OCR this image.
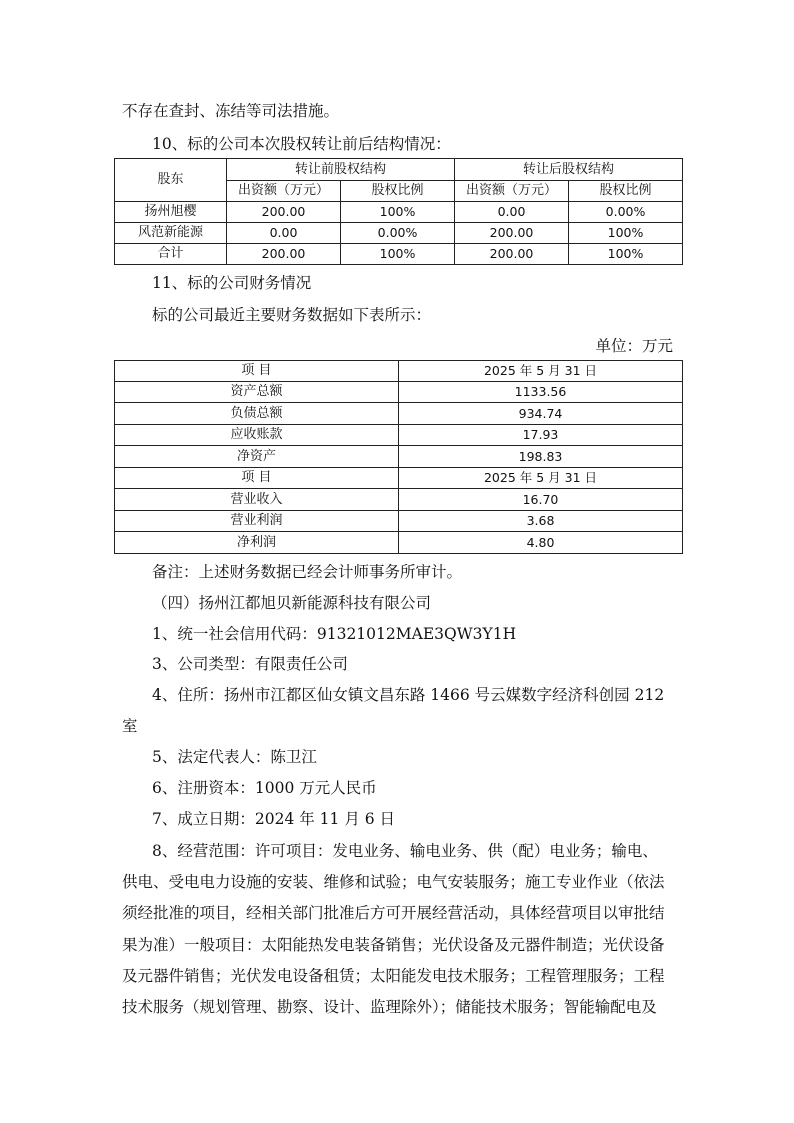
不存在查封、冻结等司法措施。
10、标的公司本次股权转让前后结构情况：
股东	转让前股权结构		转让后股权结构	
	出资额（万元）	股权比例	出资额（万元）	股权比例
扬州旭樱	200.00	100%	0.00	0.00%
风范新能源	0.00	0.00%	200.00	100%
合计	200.00	100%	200.00	100%
11、标的公司财务情况
标的公司最近主要财务数据如下表所示：
单位：万元
项 目	2025 年 5 月 31 日
资产总额	1133.56
负债总额	934.74
应收账款	17.93
净资产	198.83
项 目	2025 年 5 月 31 日
营业收入	16.70
营业利润	3.68
净利润	4.80
备注：上述财务数据已经会计师事务所审计。
（四）扬州江都旭贝新能源科技有限公司
1、统一社会信用代码：91321012MAE3QW3Y1H
3、公司类型：有限责任公司
4、住所：扬州市江都区仙女镇文昌东路 1466 号云媒数字经济科创园 212
室
5、法定代表人：陈卫江
6、注册资本：1000 万元人民币
7、成立日期：2024 年 11 月 6 日
8、经营范围：许可项目：发电业务、输电业务、供（配）电业务；输电、
供电、受电电力设施的安装、维修和试验；电气安装服务；施工专业作业（依法
须经批准的项目，经相关部门批准后方可开展经营活动，具体经营项目以审批结
果为准）一般项目：太阳能热发电装备销售；光伏设备及元器件制造；光伏设备
及元器件销售；光伏发电设备租赁；太阳能发电技术服务；工程管理服务；工程
技术服务（规划管理、勘察、设计、监理除外）；储能技术服务；智能输配电及
